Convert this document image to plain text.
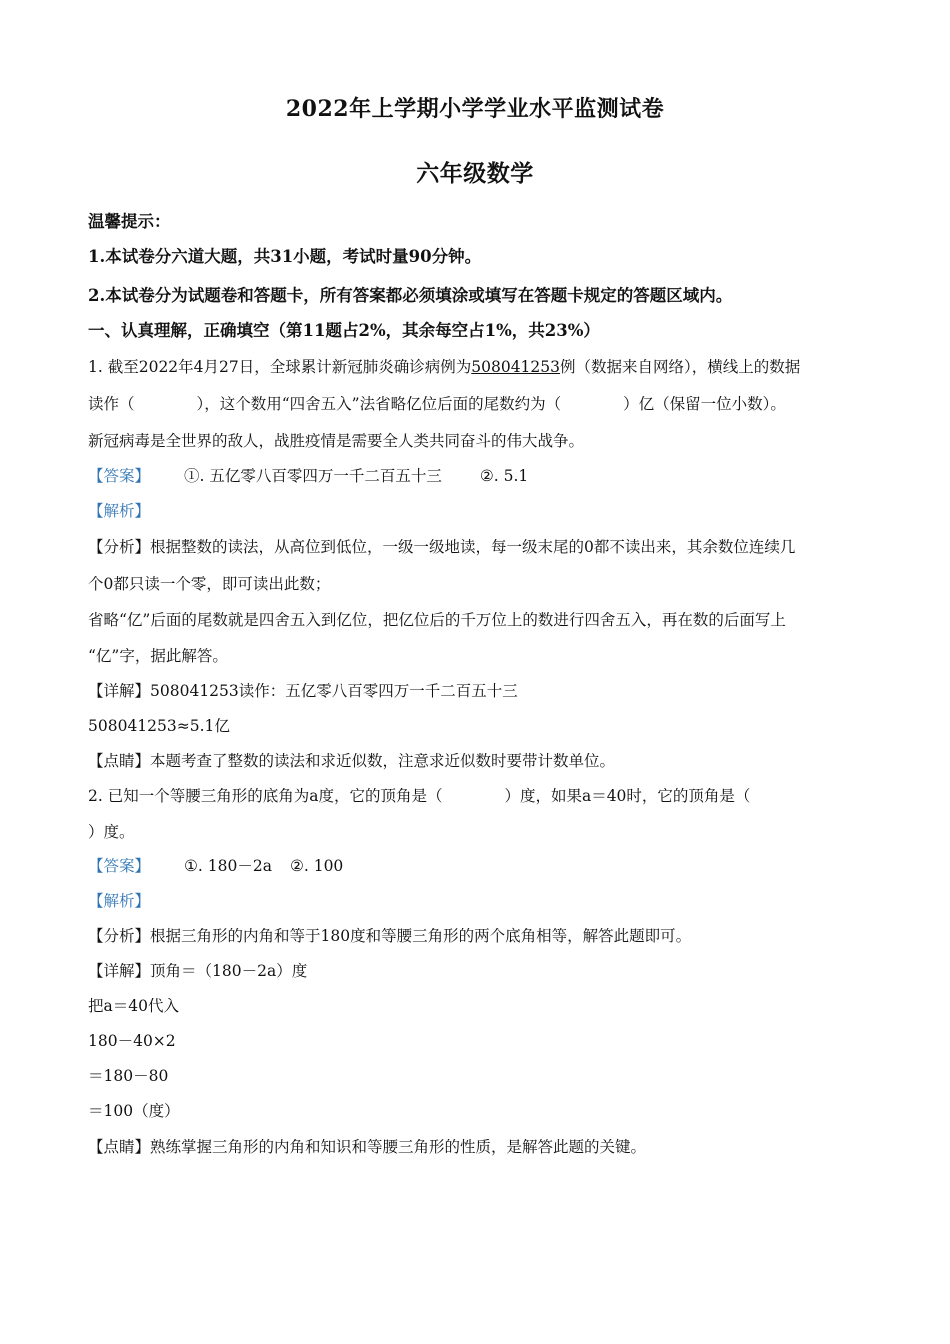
2022年上学期小学学业水平监测试卷
六年级数学
温馨提示：
1.本试卷分六道大题，共31小题，考试时量90分钟。
2.本试卷分为试题卷和答题卡，所有答案都必须填涂或填写在答题卡规定的答题区域内。
一、认真理解，正确填空（第11题占2%，其余每空占1%，共23%）
1. 截至2022年4月27日，全球累计新冠肺炎确诊病例为508041253例（数据来自网络），横线上的数据
读作（　　　　），这个数用“四舍五入”法省略亿位后面的尾数约为（　　　　）亿（保留一位小数）。
新冠病毒是全世界的敌人，战胜疫情是需要全人类共同奋斗的伟大战争。
【答案】 ①. 五亿零八百零四万一千二百五十三 ②. 5.1
【解析】
【分析】根据整数的读法，从高位到低位，一级一级地读，每一级末尾的0都不读出来，其余数位连续几
个0都只读一个零，即可读出此数；
省略“亿”后面的尾数就是四舍五入到亿位，把亿位后的千万位上的数进行四舍五入，再在数的后面写上
“亿”字，据此解答。
【详解】508041253读作：五亿零八百零四万一千二百五十三
508041253≈5.1亿
【点睛】本题考查了整数的读法和求近似数，注意求近似数时要带计数单位。
2. 已知一个等腰三角形的底角为a度，它的顶角是（　　　　）度，如果a＝40时，它的顶角是（
）度。
【答案】 ①. 180－2a ②. 100
【解析】
【分析】根据三角形的内角和等于180度和等腰三角形的两个底角相等，解答此题即可。
【详解】顶角＝（180－2a）度
把a＝40代入
180－40×2
＝180－80
＝100（度）
【点睛】熟练掌握三角形的内角和知识和等腰三角形的性质，是解答此题的关键。
